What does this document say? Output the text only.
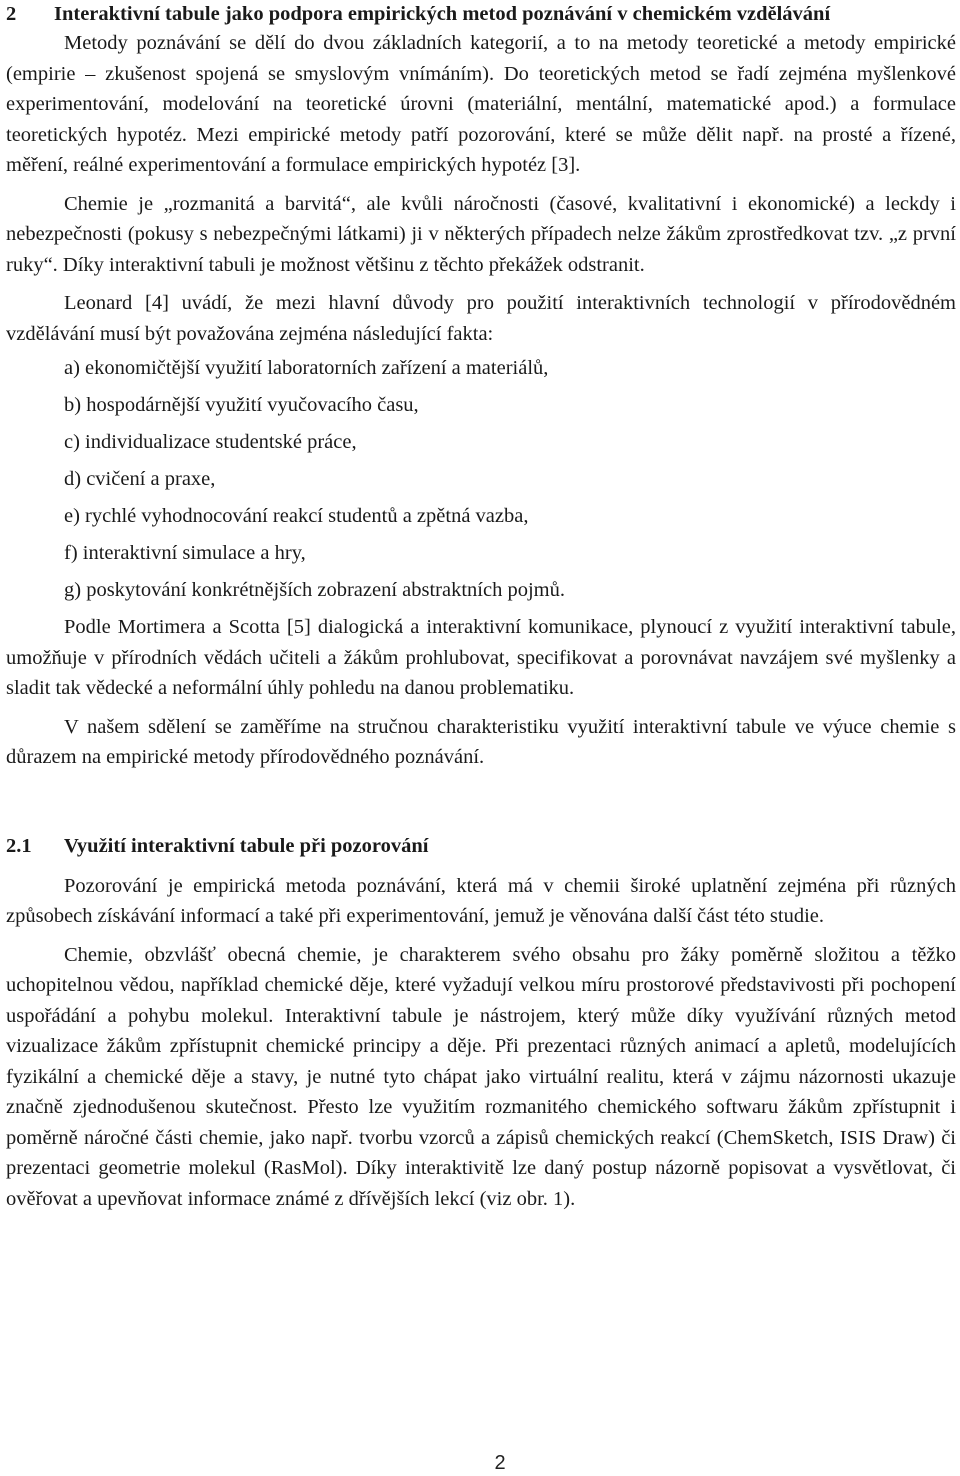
2 Interaktivní tabule jako podpora empirických metod poznávání v chemickém vzdělávání

Metody poznávání se dělí do dvou základních kategorií, a to na metody teoretické a metody empirické (empirie – zkušenost spojená se smyslovým vnímáním). Do teoretických metod se řadí zejména myšlenkové experimentování, modelování na teoretické úrovni (materiální, mentální, matematické apod.) a formulace teoretických hypotéz. Mezi empirické metody patří pozorování, které se může dělit např. na prosté a řízené, měření, reálné experimentování a formulace empirických hypotéz [3].

Chemie je „rozmanitá a barvitá“, ale kvůli náročnosti (časové, kvalitativní i ekonomické) a leckdy i nebezpečnosti (pokusy s nebezpečnými látkami) ji v některých případech nelze žákům zprostředkovat tzv. „z první ruky“. Díky interaktivní tabuli je možnost většinu z těchto překážek odstranit.

Leonard [4] uvádí, že mezi hlavní důvody pro použití interaktivních technologií v přírodovědném vzdělávání musí být považována zejména následující fakta:

a) ekonomičtější využití laboratorních zařízení a materiálů,
b) hospodárnější využití vyučovacího času,
c) individualizace studentské práce,
d) cvičení a praxe,
e) rychlé vyhodnocování reakcí studentů a zpětná vazba,
f) interaktivní simulace a hry,
g) poskytování konkrétnějších zobrazení abstraktních pojmů.

Podle Mortimera a Scotta [5] dialogická a interaktivní komunikace, plynoucí z využití interaktivní tabule, umožňuje v přírodních vědách učiteli a žákům prohlubovat, specifikovat a porovnávat navzájem své myšlenky a sladit tak vědecké a neformální úhly pohledu na danou problematiku.

V našem sdělení se zaměříme na stručnou charakteristiku využití interaktivní tabule ve výuce chemie s důrazem na empirické metody přírodovědného poznávání.

2.1 Využití interaktivní tabule při pozorování

Pozorování je empirická metoda poznávání, která má v chemii široké uplatnění zejména při různých způsobech získávání informací a také při experimentování, jemuž je věnována další část této studie.

Chemie, obzvlášť obecná chemie, je charakterem svého obsahu pro žáky poměrně složitou a těžko uchopitelnou vědou, například chemické děje, které vyžadují velkou míru prostorové představivosti při pochopení uspořádání a pohybu molekul. Interaktivní tabule je nástrojem, který může díky využívání různých metod vizualizace žákům zpřístupnit chemické principy a děje. Při prezentaci různých animací a apletů, modelujících fyzikální a chemické děje a stavy, je nutné tyto chápat jako virtuální realitu, která v zájmu názornosti ukazuje značně zjednodušenou skutečnost. Přesto lze využitím rozmanitého chemického softwaru žákům zpřístupnit i poměrně náročné části chemie, jako např. tvorbu vzorců a zápisů chemických reakcí (ChemSketch, ISIS Draw) či prezentaci geometrie molekul (RasMol). Díky interaktivitě lze daný postup názorně popisovat a vysvětlovat, či ověřovat a upevňovat informace známé z dřívějších lekcí (viz obr. 1).

2
